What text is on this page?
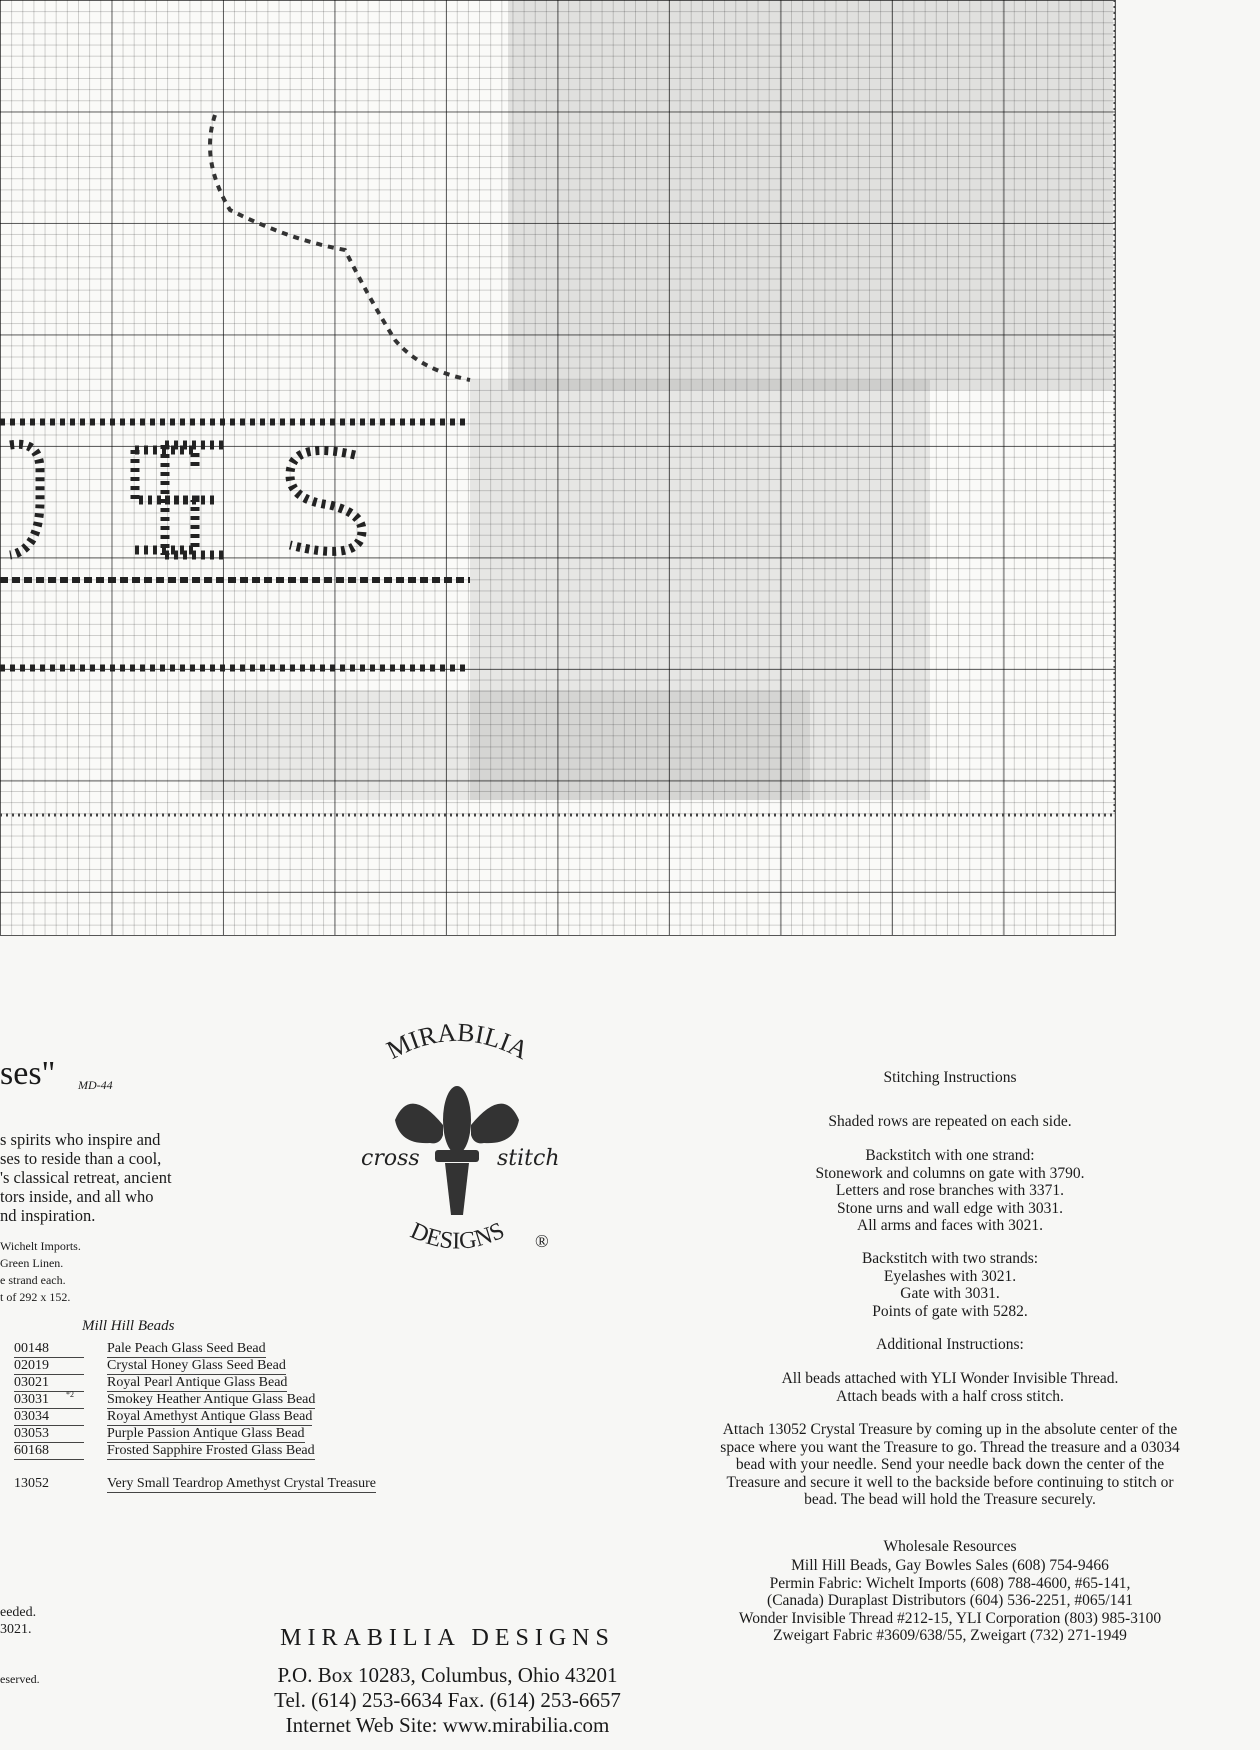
ses" MD-44
s spirits who inspire and
ses to reside than a cool,
's classical retreat, ancient
tors inside, and all who
nd inspiration.
Wichelt Imports.
Green Linen.
e strand each.
t of 292 x 152.
Mill Hill Beads
00148	Pale Peach Glass Seed Bead
02019	Crystal Honey Glass Seed Bead
03021	Royal Pearl Antique Glass Bead
03031	*2 Smokey Heather Antique Glass Bead
03034	Royal Amethyst Antique Glass Bead
03053	Purple Passion Antique Glass Bead
60168	Frosted Sapphire Frosted Glass Bead
13052	Very Small Teardrop Amethyst Crystal Treasure
eeded.
3021.
eserved.
MIRABILIA
cross	stitch
DESIGNS ®
MIRABILIA DESIGNS
P.O. Box 10283, Columbus, Ohio 43201
Tel. (614) 253-6634 Fax. (614) 253-6657
Internet Web Site: www.mirabilia.com
Stitching Instructions
Shaded rows are repeated on each side.
Backstitch with one strand:
Stonework and columns on gate with 3790.
Letters and rose branches with 3371.
Stone urns and wall edge with 3031.
All arms and faces with 3021.
Backstitch with two strands:
Eyelashes with 3021.
Gate with 3031.
Points of gate with 5282.
Additional Instructions:
All beads attached with YLI Wonder Invisible Thread.
Attach beads with a half cross stitch.
Attach 13052 Crystal Treasure by coming up in the absolute center of the
space where you want the Treasure to go. Thread the treasure and a 03034
bead with your needle. Send your needle back down the center of the
Treasure and secure it well to the backside before continuing to stitch or
bead. The bead will hold the Treasure securely.
Wholesale Resources
Mill Hill Beads, Gay Bowles Sales (608) 754-9466
Permin Fabric: Wichelt Imports (608) 788-4600, #65-141,
(Canada) Duraplast Distributors (604) 536-2251, #065/141
Wonder Invisible Thread #212-15, YLI Corporation (803) 985-3100
Zweigart Fabric #3609/638/55, Zweigart (732) 271-1949
